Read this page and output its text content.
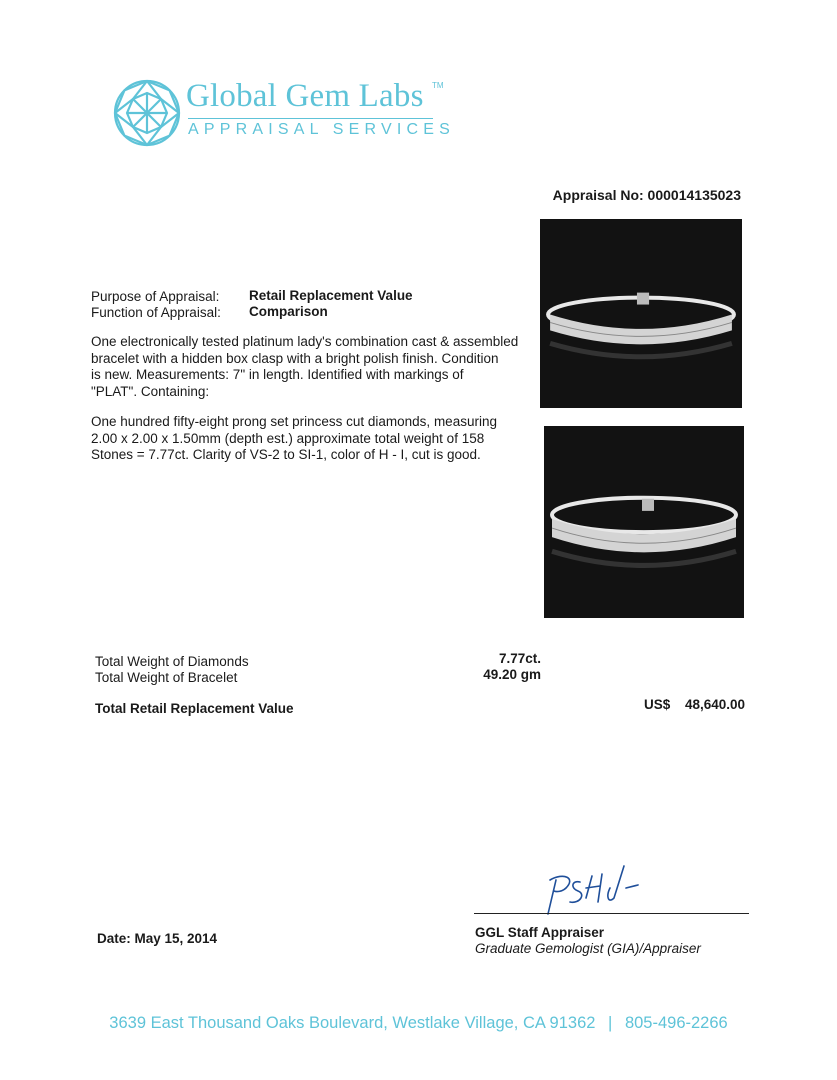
Global Gem Labs TM
APPRAISAL SERVICES
Appraisal No: 000014135023
Purpose of Appraisal: Retail Replacement Value
Function of Appraisal: Comparison
One electronically tested platinum lady's combination cast & assembled
bracelet with a hidden box clasp with a bright polish finish. Condition
is new. Measurements: 7" in length. Identified with markings of
"PLAT". Containing:
One hundred fifty-eight prong set princess cut diamonds, measuring
2.00 x 2.00 x 1.50mm (depth est.) approximate total weight of 158
Stones = 7.77ct. Clarity of VS-2 to SI-1, color of H - I, cut is good.
Total Weight of Diamonds	7.77ct.
Total Weight of Bracelet	49.20 gm
Total Retail Replacement Value	US$ 48,640.00
Date: May 15, 2014	GGL Staff Appraiser
Graduate Gemologist (GIA)/Appraiser
3639 East Thousand Oaks Boulevard, Westlake Village, CA 91362 | 805-496-2266
